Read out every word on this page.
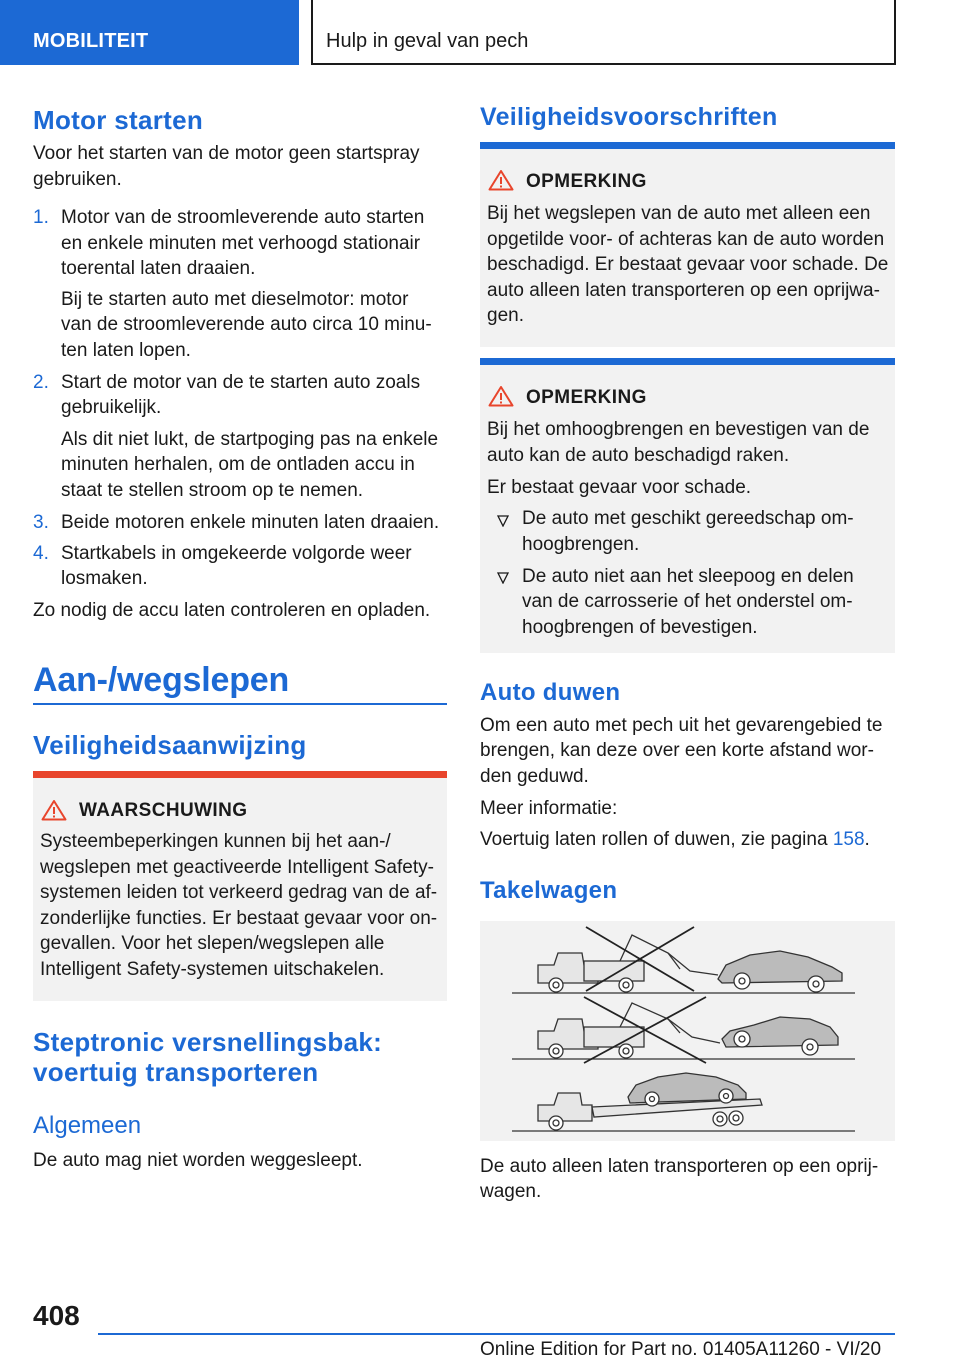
MOBILITEIT	Hulp in geval van pech
Motor starten
Voor het starten van de motor geen startspray gebruiken.
1. Motor van de stroomleverende auto starten
en enkele minuten met verhoogd stationair
toerental laten draaien.
Bij te starten auto met dieselmotor: motor
van de stroomleverende auto circa 10 minu-
ten laten lopen.
2. Start de motor van de te starten auto zoals
gebruikelijk.
Als dit niet lukt, de startpoging pas na enkele
minuten herhalen, om de ontladen accu in
staat te stellen stroom op te nemen.
3. Beide motoren enkele minuten laten draaien.
4. Startkabels in omgekeerde volgorde weer
losmaken.
Zo nodig de accu laten controleren en opladen.
Aan-/wegslepen
Veiligheidsaanwijzing
WAARSCHUWING
Systeembeperkingen kunnen bij het aan-/
wegslepen met geactiveerde Intelligent Safety-
systemen leiden tot verkeerd gedrag van de af-
zonderlijke functies. Er bestaat gevaar voor on-
gevallen. Voor het slepen/wegslepen alle
Intelligent Safety-systemen uitschakelen.
Steptronic versnellingsbak:
voertuig transporteren
Algemeen
De auto mag niet worden weggesleept.
Veiligheidsvoorschriften
OPMERKING
Bij het wegslepen van de auto met alleen een
opgetilde voor- of achteras kan de auto worden
beschadigd. Er bestaat gevaar voor schade. De
auto alleen laten transporteren op een oprijwa-
gen.
OPMERKING
Bij het omhoogbrengen en bevestigen van de
auto kan de auto beschadigd raken.
Er bestaat gevaar voor schade.
De auto met geschikt gereedschap om-
hoogbrengen.
De auto niet aan het sleepoog en delen
van de carrosserie of het onderstel om-
hoogbrengen of bevestigen.
Auto duwen
Om een auto met pech uit het gevarengebied te
brengen, kan deze over een korte afstand wor-
den geduwd.
Meer informatie:
Voertuig laten rollen of duwen, zie pagina 158.
Takelwagen
De auto alleen laten transporteren op een oprij-
wagen.
408
Online Edition for Part no. 01405A11260 - VI/20
